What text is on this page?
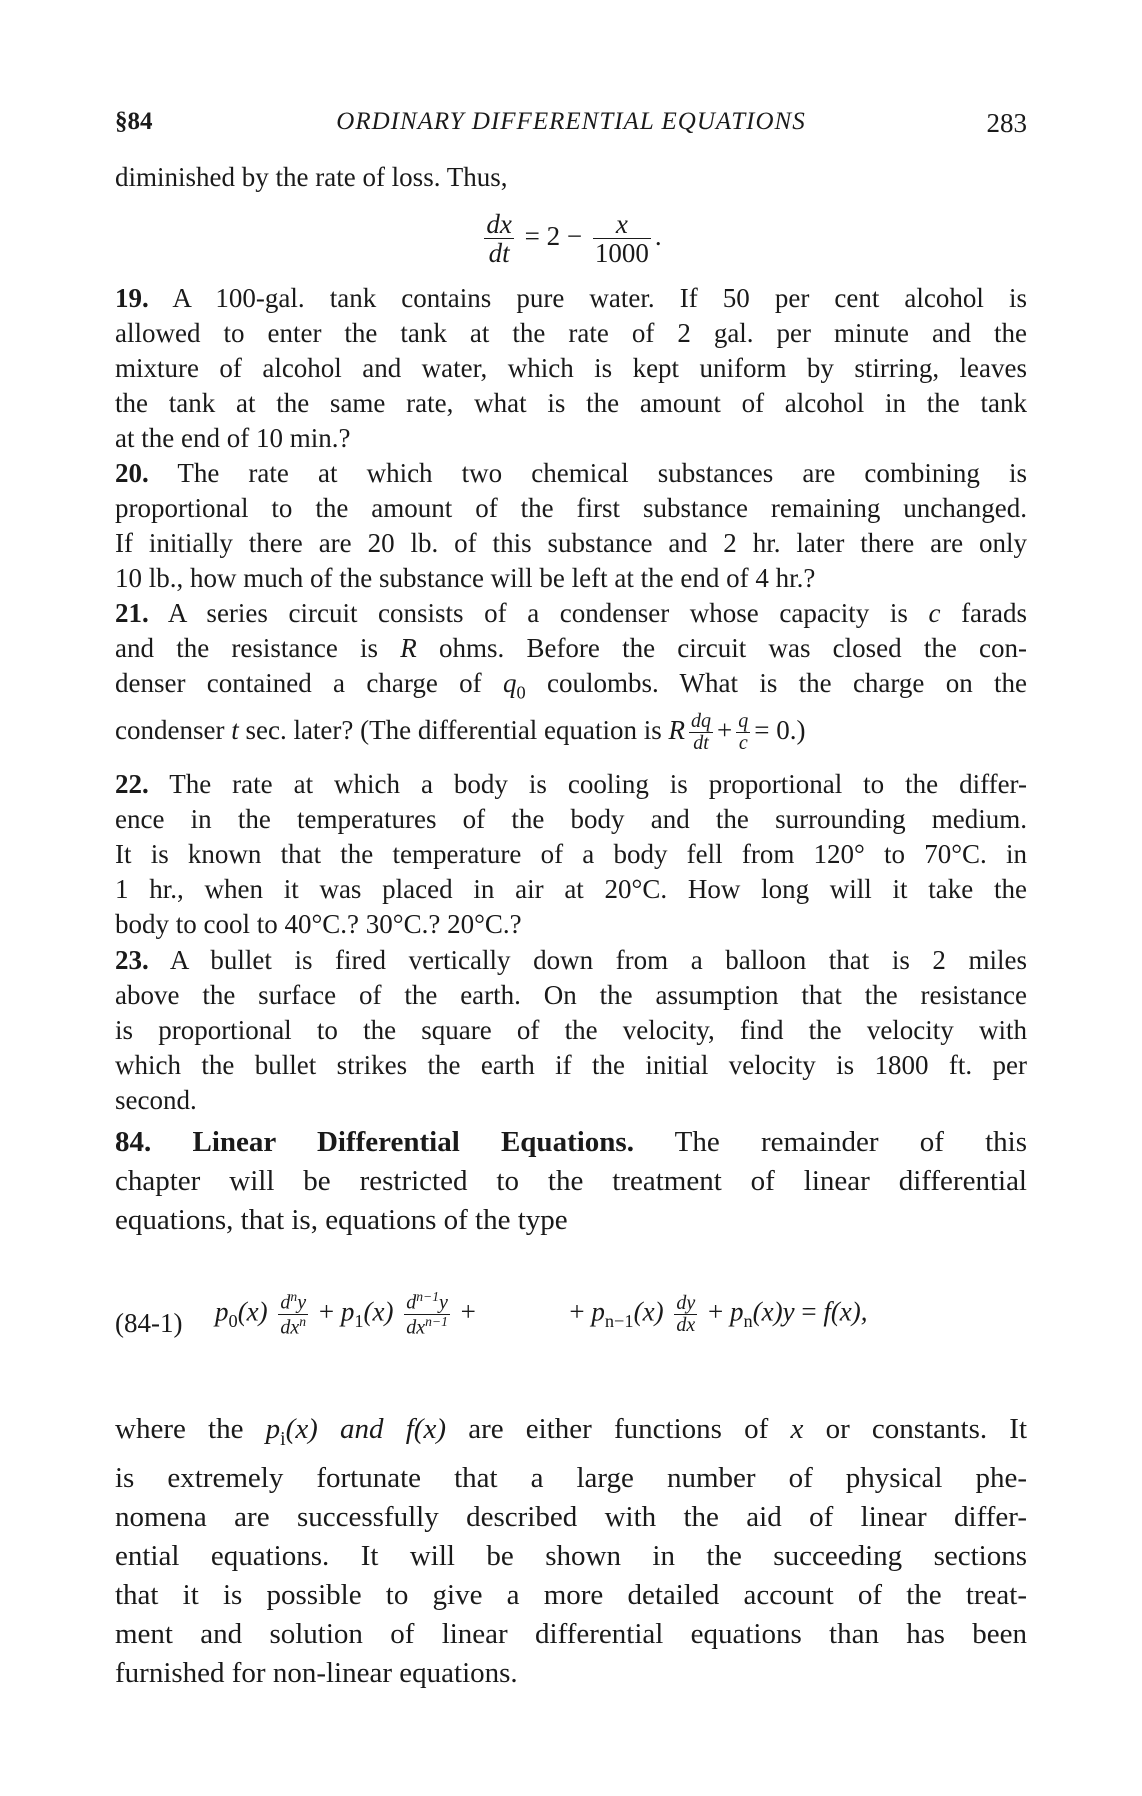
§84	ORDINARY DIFFERENTIAL EQUATIONS	283
diminished by the rate of loss. Thus,
$\frac{dx}{dt} = 2 - \frac{x}{1000}$ .
19. A 100-gal. tank contains pure water. If 50 per cent alcohol is
allowed to enter the tank at the rate of 2 gal. per minute and the
mixture of alcohol and water, which is kept uniform by stirring, leaves
the tank at the same rate, what is the amount of alcohol in the tank
at the end of 10 min.?
20. The rate at which two chemical substances are combining is
proportional to the amount of the first substance remaining unchanged.
If initially there are 20 lb. of this substance and 2 hr. later there are only
10 lb., how much of the substance will be left at the end of 4 hr.?
21. A series circuit consists of a condenser whose capacity is c farads
and the resistance is R ohms. Before the circuit was closed the con-
denser contained a charge of $q_0$ coulombs. What is the charge on the
condenser t sec. later? (The differential equation is R $\frac{dq}{dt} + \frac{q}{c} = 0$.)
22. The rate at which a body is cooling is proportional to the differ-
ence in the temperatures of the body and the surrounding medium.
It is known that the temperature of a body fell from 120° to 70°C. in
1 hr., when it was placed in air at 20°C. How long will it take the
body to cool to 40°C.? 30°C.? 20°C.?
23. A bullet is fired vertically down from a balloon that is 2 miles
above the surface of the earth. On the assumption that the resistance
is proportional to the square of the velocity, find the velocity with
which the bullet strikes the earth if the initial velocity is 1800 ft. per
second.
84. Linear Differential Equations. The remainder of this
chapter will be restricted to the treatment of linear differential
equations, that is, equations of the type
(84-1) $p_0(x) \frac{d^ny}{dx^n} + p_1(x) \frac{d^{n-1}y}{dx^{n-1}}$ +	+ $p_{n-1}(x) \frac{dy}{dx} + p_n(x)y = f(x)$,
where the $p_i(x)$ and f(x) are either functions of x or constants. It
is extremely fortunate that a large number of physical phe-
nomena are successfully described with the aid of linear differ-
ential equations. It will be shown in the succeeding sections
that it is possible to give a more detailed account of the treat-
ment and solution of linear differential equations than has been
furnished for non-linear equations.
